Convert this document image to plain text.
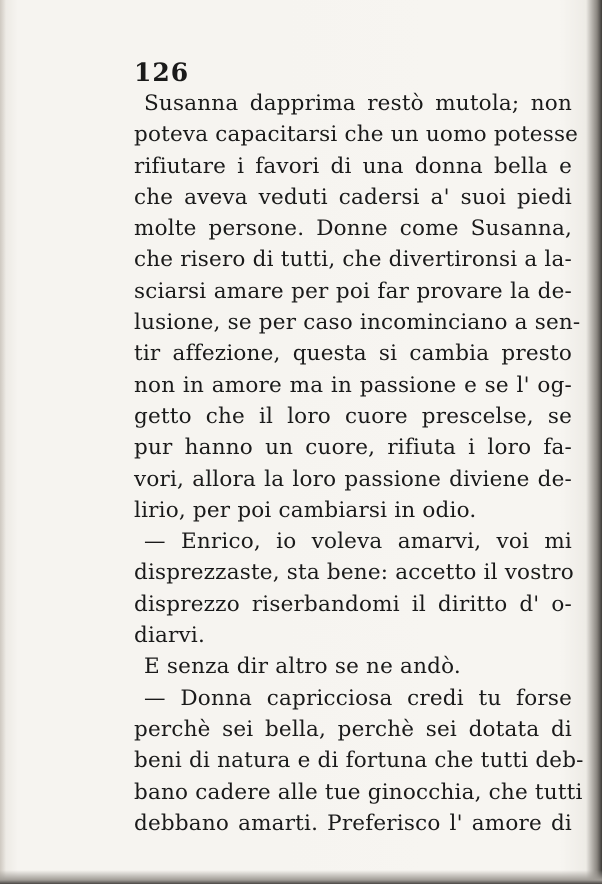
126
Susanna dapprima restò mutola; non
poteva capacitarsi che un uomo potesse
rifiutare i favori di una donna bella e
che aveva veduti cadersi a' suoi piedi
molte persone. Donne come Susanna,
che risero di tutti, che divertironsi a la-
sciarsi amare per poi far provare la de-
lusione, se per caso incominciano a sen-
tir affezione, questa si cambia presto
non in amore ma in passione e se l' og-
getto che il loro cuore prescelse, se
pur hanno un cuore, rifiuta i loro fa-
vori, allora la loro passione diviene de-
lirio, per poi cambiarsi in odio.
— Enrico, io voleva amarvi, voi mi
disprezzaste, sta bene: accetto il vostro
disprezzo riserbandomi il diritto d' o-
diarvi.
E senza dir altro se ne andò.
— Donna capricciosa credi tu forse
perchè sei bella, perchè sei dotata di
beni di natura e di fortuna che tutti deb-
bano cadere alle tue ginocchia, che tutti
debbano amarti. Preferisco l' amore di
